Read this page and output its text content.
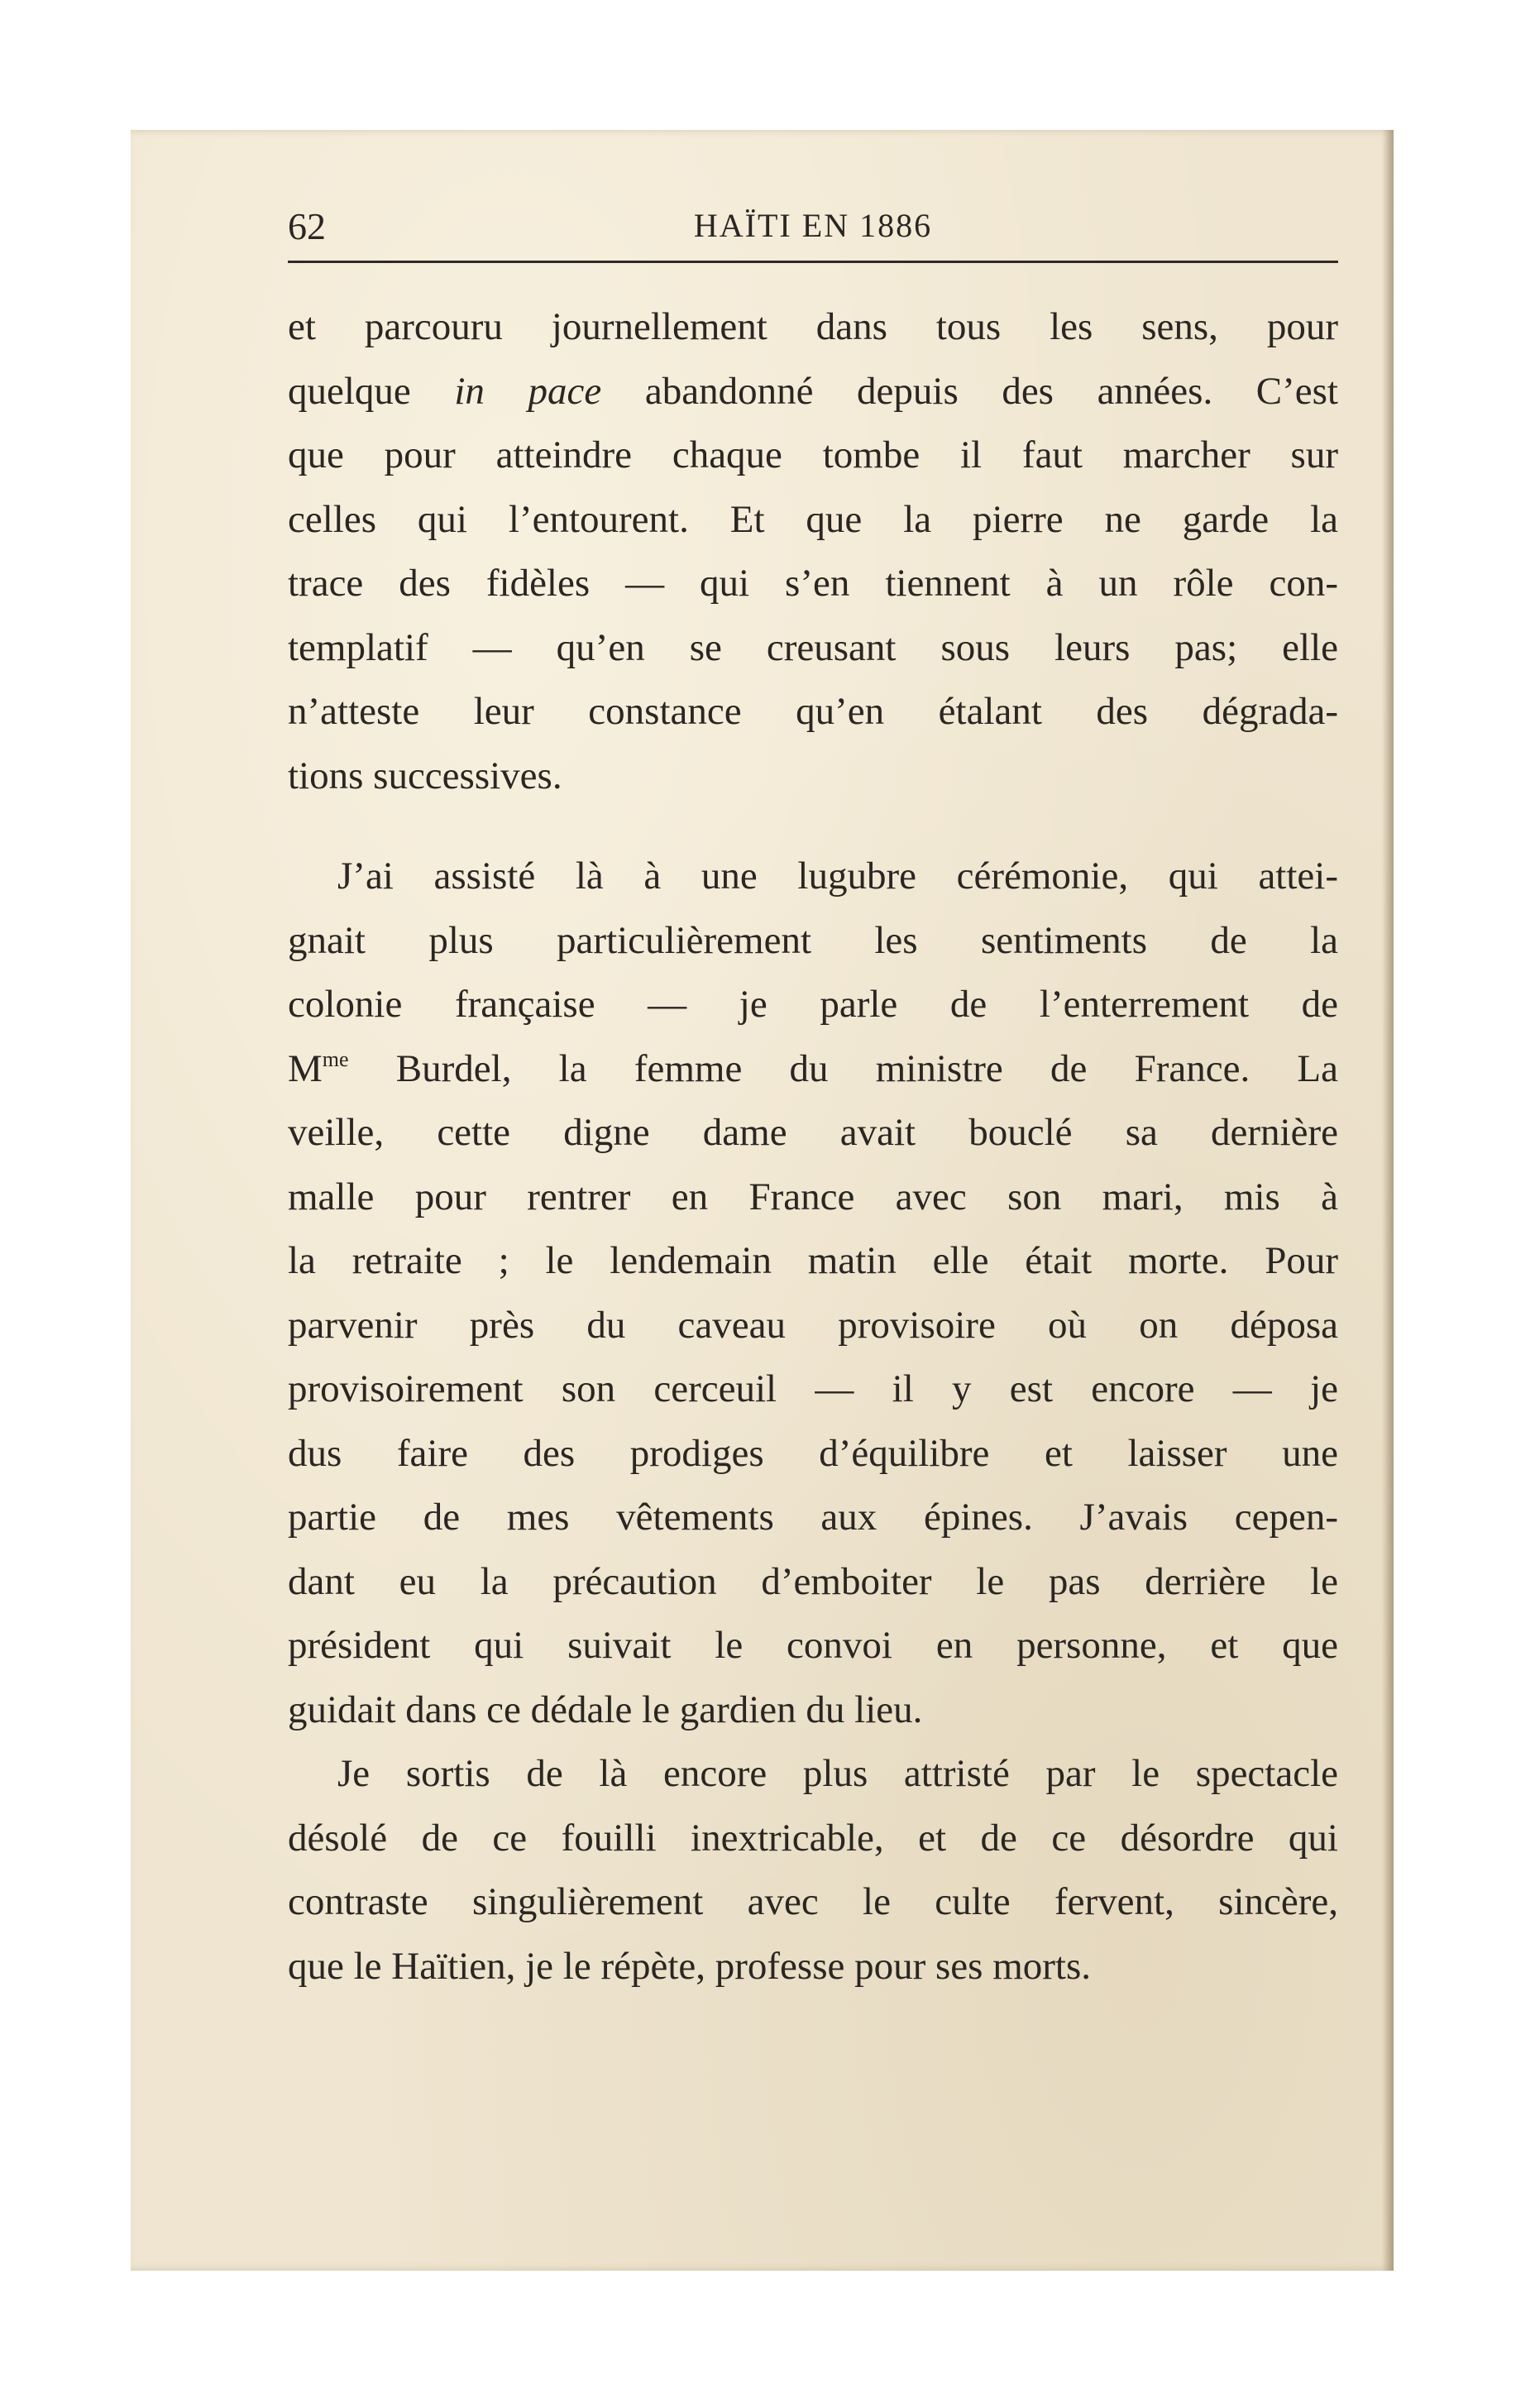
62	HAÏTI EN 1886
et parcouru journellement dans tous les sens, pour
quelque in pace abandonné depuis des années. C’est
que pour atteindre chaque tombe il faut marcher sur
celles qui l’entourent. Et que la pierre ne garde la
trace des fidèles — qui s’en tiennent à un rôle con-
templatif — qu’en se creusant sous leurs pas; elle
n’atteste leur constance qu’en étalant des dégrada-
tions successives.
J’ai assisté là à une lugubre cérémonie, qui attei-
gnait plus particulièrement les sentiments de la
colonie française — je parle de l’enterrement de
$M^{me}$ Burdel, la femme du ministre de France. La
veille, cette digne dame avait bouclé sa dernière
malle pour rentrer en France avec son mari, mis à
la retraite ; le lendemain matin elle était morte. Pour
parvenir près du caveau provisoire où on déposa
provisoirement son cerceuil — il y est encore — je
dus faire des prodiges d’équilibre et laisser une
partie de mes vêtements aux épines. J’avais cepen-
dant eu la précaution d’emboiter le pas derrière le
président qui suivait le convoi en personne, et que
guidait dans ce dédale le gardien du lieu.
Je sortis de là encore plus attristé par le spectacle
désolé de ce fouilli inextricable, et de ce désordre qui
contraste singulièrement avec le culte fervent, sincère,
que le Haïtien, je le répète, professe pour ses morts.
